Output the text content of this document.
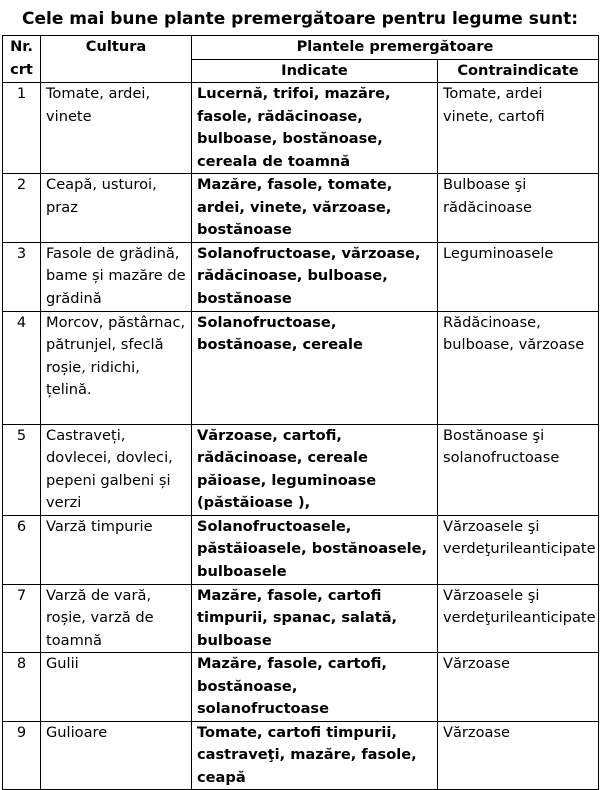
Cele mai bune plante premergătoare pentru legume sunt:
Nr. crt	Cultura	Plantele premergătoare	
		Indicate	Contraindicate
1	Tomate, ardei, vinete	Lucernă, trifoi, mazăre, fasole, rădăcinoase, bulboase, bostănoase, cereala de toamnă	Tomate, ardei vinete, cartofi
2	Ceapă, usturoi, praz	Mazăre, fasole, tomate, ardei, vinete, vărzoase, bostănoase	Bulboase şi rădăcinoase
3	Fasole de grădină, bame și mazăre de grădină	Solanofructoase, vărzoase, rădăcinoase, bulboase, bostănoase	Leguminoasele
4	Morcov, păstârnac, pătrunjel, sfeclă roșie, ridichi, țelină.	Solanofructoase, bostănoase, cereale	Rădăcinoase, bulboase, vărzoase
5	Castraveți, dovlecei, dovleci, pepeni galbeni și verzi	Vărzoase, cartofi, rădăcinoase, cereale păioase, leguminoase (păstăioase ),	Bostănoase şi solanofructoase
6	Varză timpurie	Solanofructoasele, păstăioasele, bostănoasele, bulboasele	Vărzoasele şi verdeţurileanticipate
7	Varză de vară, roșie, varză de toamnă	Mazăre, fasole, cartofi timpurii, spanac, salată, bulboase	Vărzoasele şi verdeţurileanticipate
8	Gulii	Mazăre, fasole, cartofi, bostănoase, solanofructoase	Vărzoase
9	Gulioare	Tomate, cartofi timpurii, castraveţi, mazăre, fasole, ceapă	Vărzoase
